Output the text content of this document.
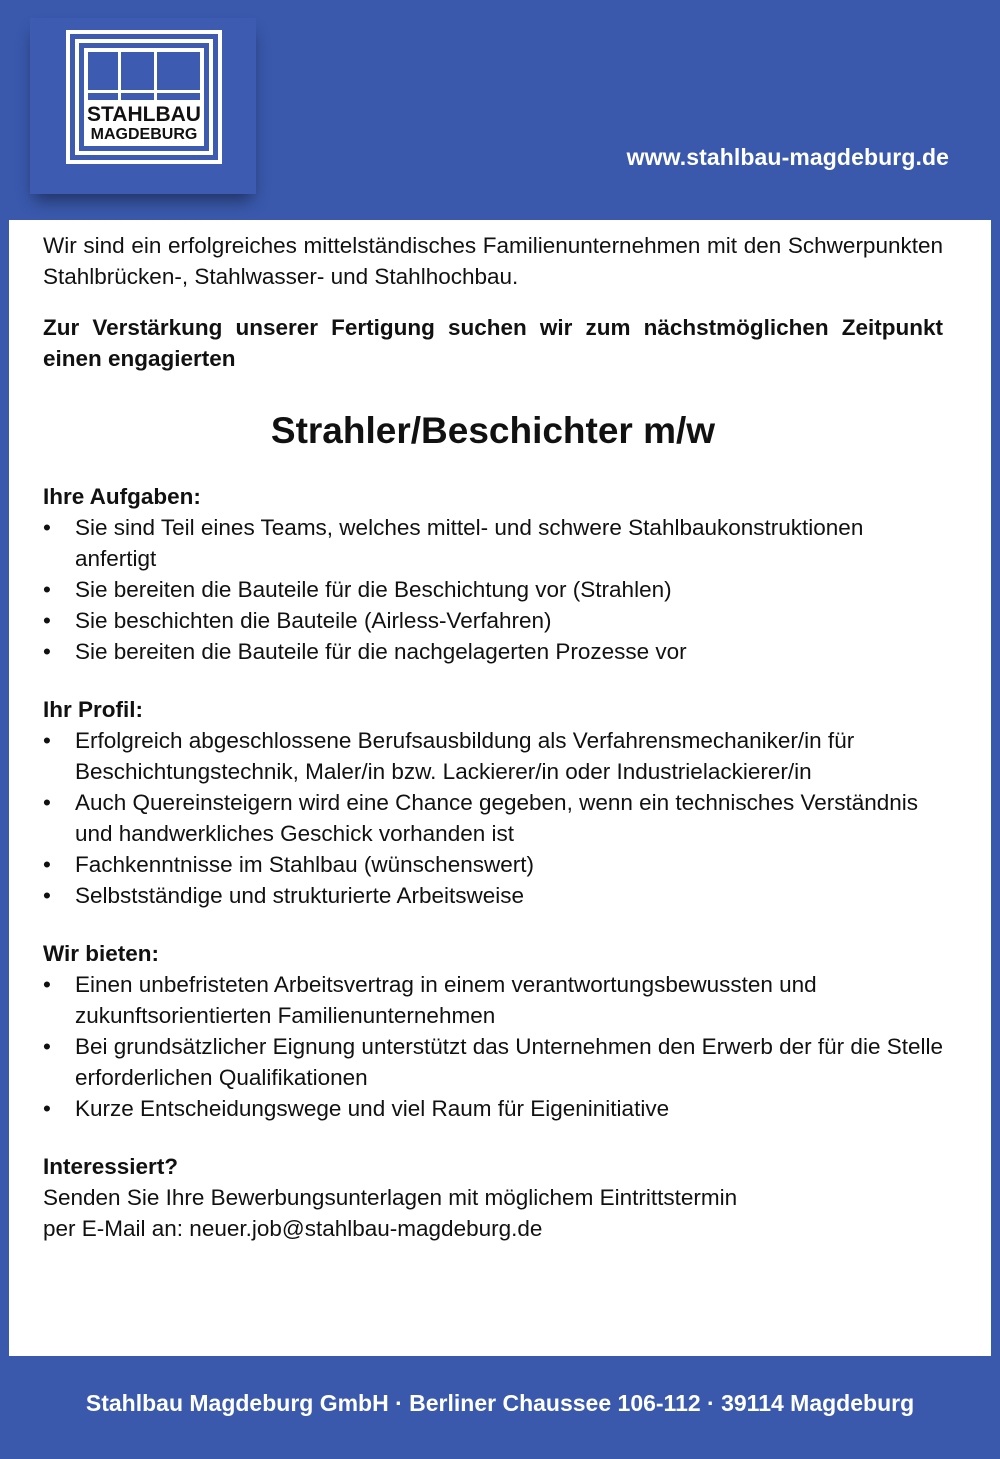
STAHLBAU
MAGDEBURG
www.stahlbau-magdeburg.de

Wir sind ein erfolgreiches mittelständisches Familienunternehmen mit den Schwerpunkten Stahlbrücken-, Stahlwasser- und Stahlhochbau.

Zur Verstärkung unserer Fertigung suchen wir zum nächstmöglichen Zeitpunkt einen engagierten

Strahler/Beschichter m/w
Ihre Aufgaben:
•	Sie sind Teil eines Teams, welches mittel- und schwere Stahlbaukonstruktionen anfertigt
•	Sie bereiten die Bauteile für die Beschichtung vor (Strahlen)
•	Sie beschichten die Bauteile (Airless-Verfahren)
•	Sie bereiten die Bauteile für die nachgelagerten Prozesse vor
Ihr Profil:
•	Erfolgreich abgeschlossene Berufsausbildung als Verfahrensmechaniker/in für Beschichtungstechnik, Maler/in bzw. Lackierer/in oder Industrielackierer/in
•	Auch Quereinsteigern wird eine Chance gegeben, wenn ein technisches Verständnis und handwerkliches Geschick vorhanden ist
•	Fachkenntnisse im Stahlbau (wünschenswert)
•	Selbstständige und strukturierte Arbeitsweise
Wir bieten:
•	Einen unbefristeten Arbeitsvertrag in einem verantwortungsbewussten und zukunftsorientierten Familienunternehmen
•	Bei grundsätzlicher Eignung unterstützt das Unternehmen den Erwerb der für die Stelle erforderlichen Qualifikationen
•	Kurze Entscheidungswege und viel Raum für Eigeninitiative
Interessiert?
Senden Sie Ihre Bewerbungsunterlagen mit möglichem Eintrittstermin
per E-Mail an: neuer.job@stahlbau-magdeburg.de
Stahlbau Magdeburg GmbH · Berliner Chaussee 106-112 · 39114 Magdeburg
